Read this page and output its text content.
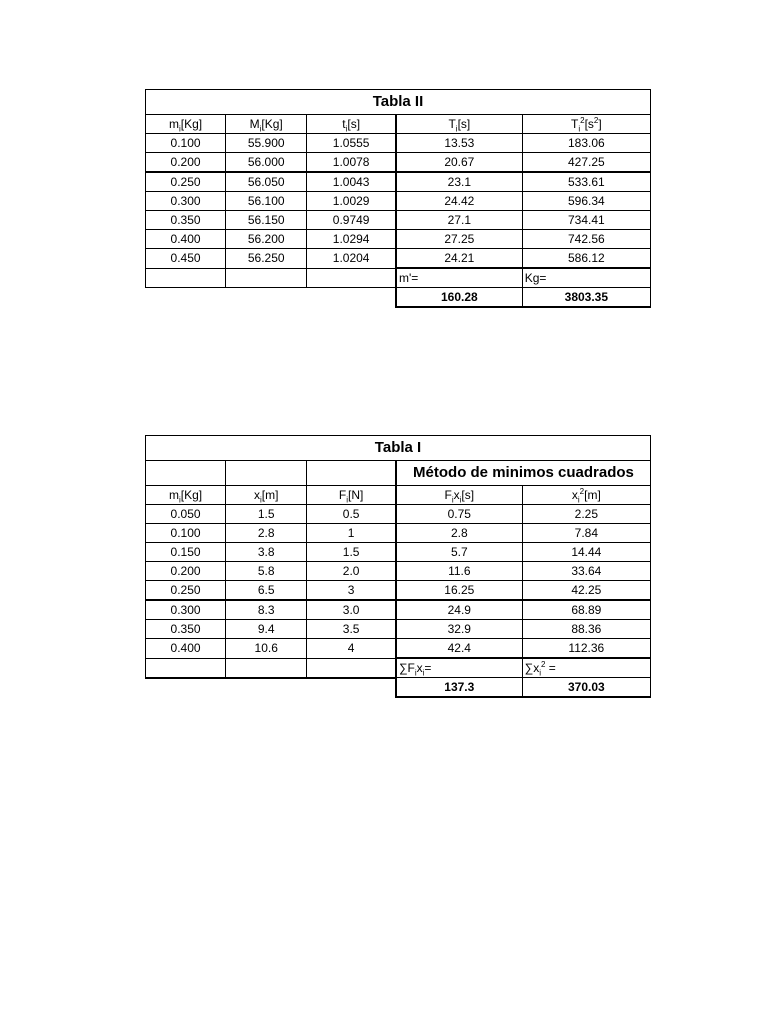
Tabla II				
$m_i[Kg]$	$M_i[Kg]$	$t_i[s]$	$T_i[s]$	$T_i^2[s^2]$
0.100	55.900	1.0555	13.53	183.06
0.200	56.000	1.0078	20.67	427.25
0.250	56.050	1.0043	23.1	533.61
0.300	56.100	1.0029	24.42	596.34
0.350	56.150	0.9749	27.1	734.41
0.400	56.200	1.0294	27.25	742.56
0.450	56.250	1.0204	24.21	586.12
			m'=	Kg=
			160.28	3803.35
Tabla I				
			Método de minimos cuadrados	
$m_i[Kg]$	$x_i[m]$	$F_i[N]$	$F_ix_i[s]$	$x_i^2[m]$
0.050	1.5	0.5	0.75	2.25
0.100	2.8	1	2.8	7.84
0.150	3.8	1.5	5.7	14.44
0.200	5.8	2.0	11.6	33.64
0.250	6.5	3	16.25	42.25
0.300	8.3	3.0	24.9	68.89
0.350	9.4	3.5	32.9	88.36
0.400	10.6	4	42.4	112.36
			$\sum F_ix_i=$	$\sum x_i^2$ =
			137.3	370.03
